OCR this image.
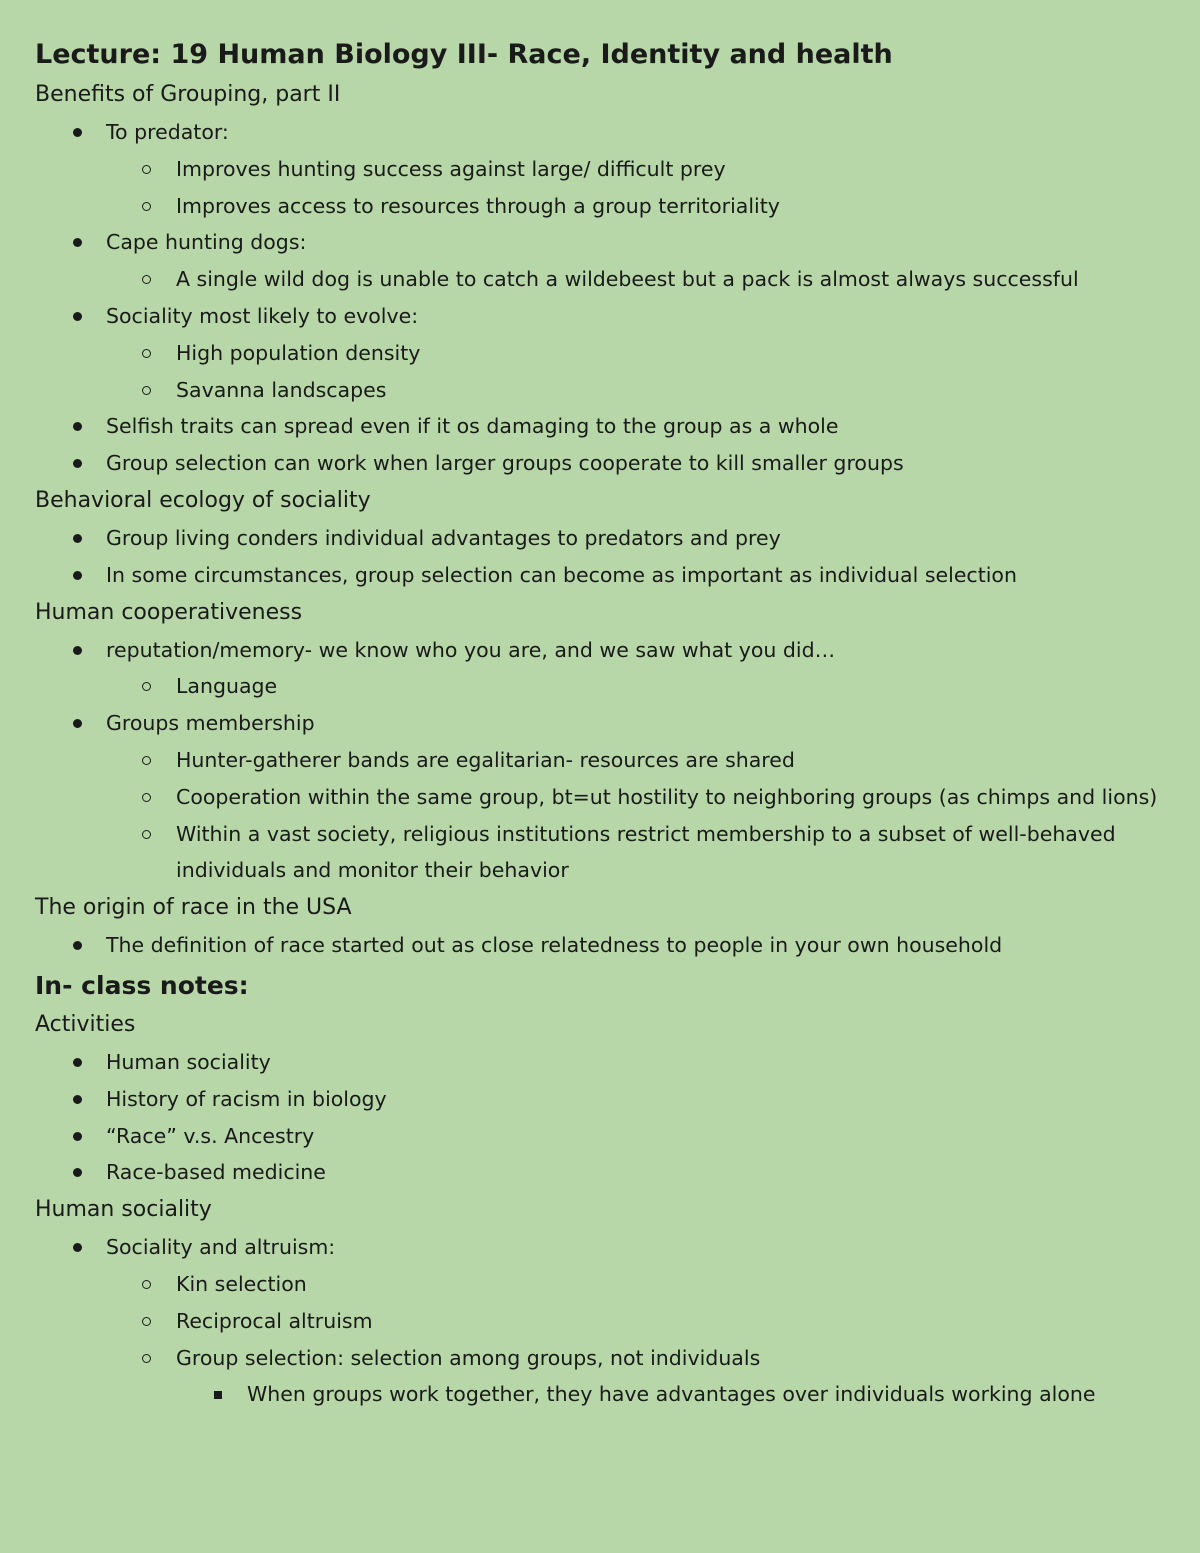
Lecture: 19 Human Biology III- Race, Identity and health
Benefits of Grouping, part II
To predator:
Improves hunting success against large/ difficult prey
Improves access to resources through a group territoriality
Cape hunting dogs:
A single wild dog is unable to catch a wildebeest but a pack is almost always successful
Sociality most likely to evolve:
High population density
Savanna landscapes
Selfish traits can spread even if it os damaging to the group as a whole
Group selection can work when larger groups cooperate to kill smaller groups
Behavioral ecology of sociality
Group living conders individual advantages to predators and prey
In some circumstances, group selection can become as important as individual selection
Human cooperativeness
reputation/memory- we know who you are, and we saw what you did…
Language
Groups membership
Hunter-gatherer bands are egalitarian- resources are shared
Cooperation within the same group, bt=ut hostility to neighboring groups (as chimps and lions)
Within a vast society, religious institutions restrict membership to a subset of well-behaved individuals and monitor their behavior
The origin of race in the USA
The definition of race started out as close relatedness to people in your own household
In- class notes:
Activities
Human sociality
History of racism in biology
“Race” v.s. Ancestry
Race-based medicine
Human sociality
Sociality and altruism:
Kin selection
Reciprocal altruism
Group selection: selection among groups, not individuals
When groups work together, they have advantages over individuals working alone
